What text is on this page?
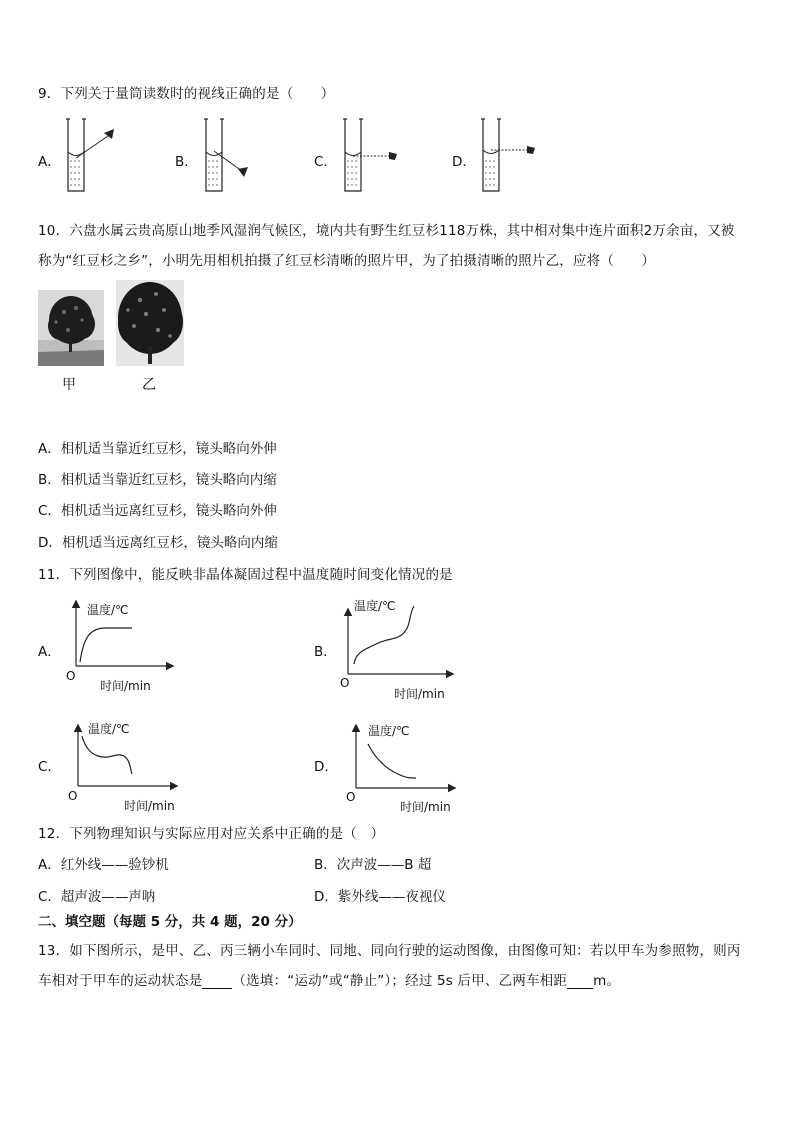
9．下列关于量筒读数时的视线正确的是（　　）
A．	B．	C．	D．
10．六盘水属云贵高原山地季风湿润气候区，境内共有野生红豆杉118万株，其中相对集中连片面积2万余亩，又被
称为“红豆杉之乡”，小明先用相机拍摄了红豆杉清晰的照片甲，为了拍摄清晰的照片乙，应将（　　）
甲	乙
A．相机适当靠近红豆杉，镜头略向外伸
B．相机适当靠近红豆杉，镜头略向内缩
C．相机适当远离红豆杉，镜头略向外伸
D．相机适当远离红豆杉，镜头略向内缩
11．下列图像中，能反映非晶体凝固过程中温度随时间变化情况的是
A．	B．
C．	D．
温度/℃
O
时间/min
温度/℃
O
时间/min
温度/℃
O
时间/min
温度/℃
O
时间/min
12．下列物理知识与实际应用对应关系中正确的是（　）
A．红外线——验钞机	B．次声波——B 超
C．超声波——声呐	D．紫外线——夜视仪
二、填空题（每题 5 分，共 4 题，20 分）
13．如下图所示，是甲、乙、丙三辆小车同时、同地、同向行驶的运动图像，由图像可知：若以甲车为参照物，则丙
车相对于甲车的运动状态是 （选填：“运动”或“静止”）；经过 5s 后甲、乙两车相距 m。
